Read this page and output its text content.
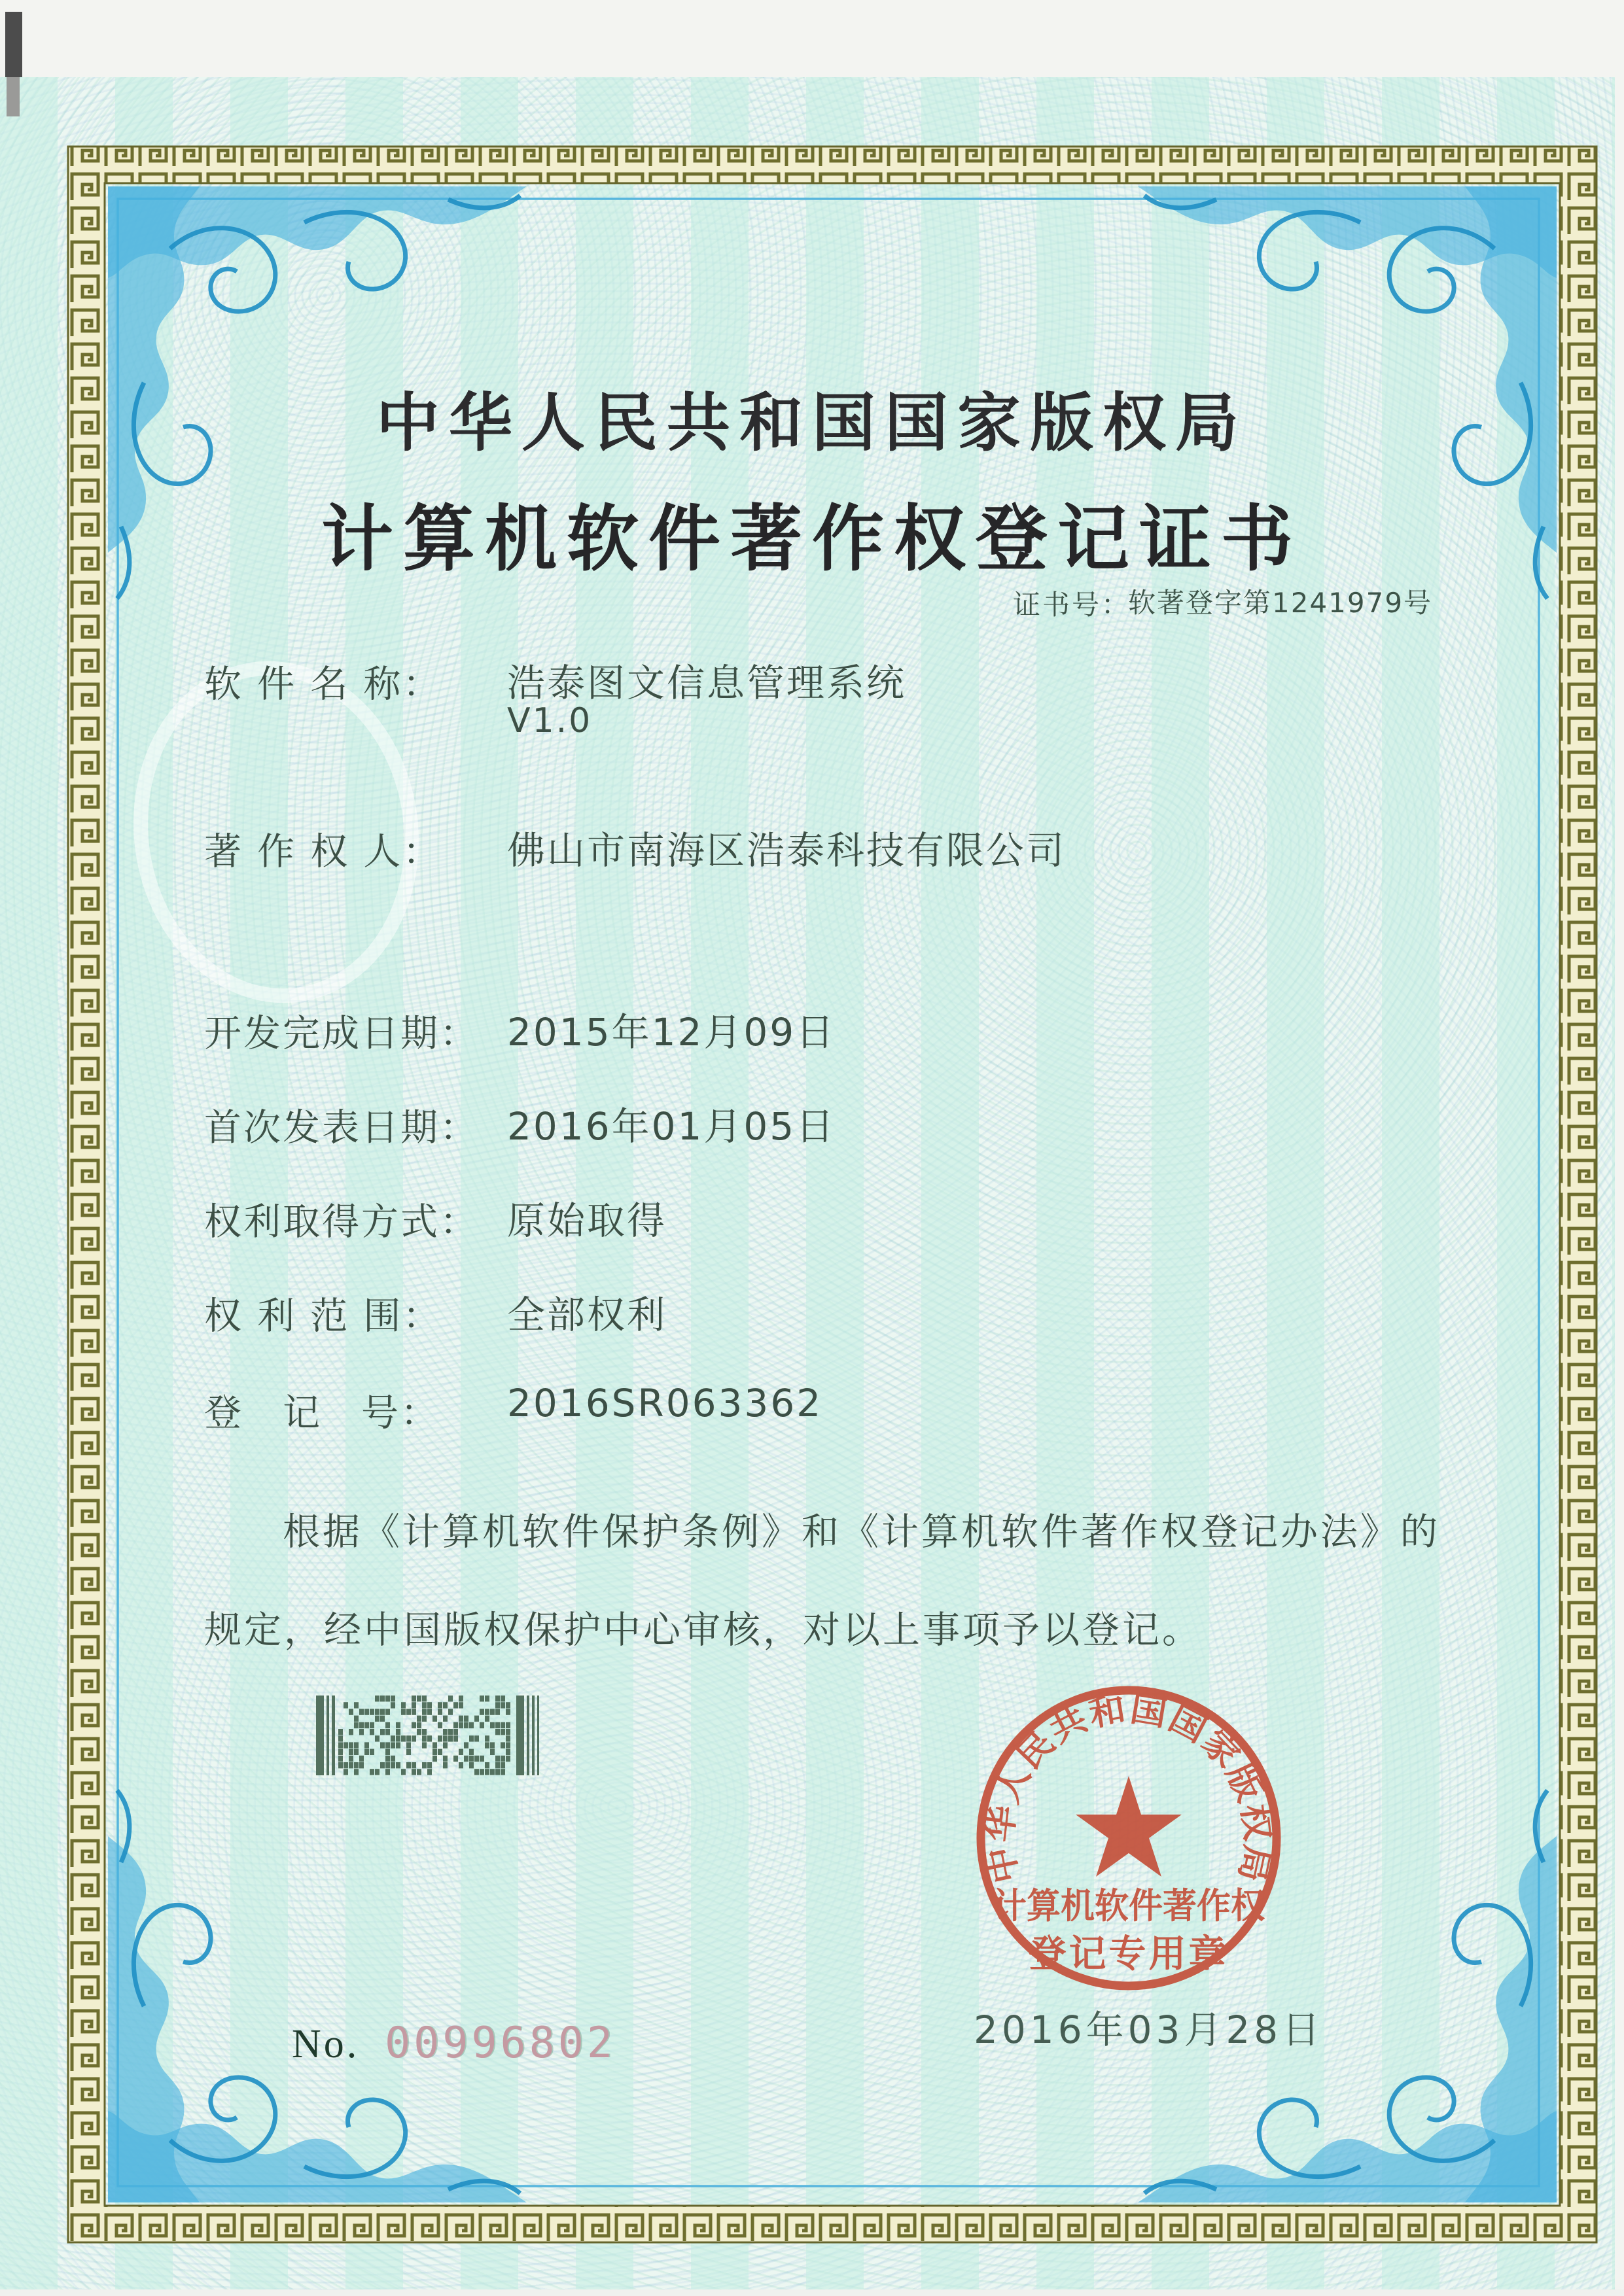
中华人民共和国国家版权局
计算机软件著作权登记证书
证书号：
软著登字第1241979号
软 件 名 称： 浩泰图文信息管理系统
V1.0
著 作 权 人： 佛山市南海区浩泰科技有限公司
开发完成日期： 2015年12月09日
首次发表日期： 2016年01月05日
权利取得方式： 原始取得
权 利 范 围： 全部权利
登　记　号： 2016SR063362
根据《计算机软件保护条例》和《计算机软件著作权登记办法》的
规定，经中国版权保护中心审核，对以上事项予以登记。
中华人民共和国国家版权局
计算机软件著作权
登记专用章
2016年03月28日
No. 00996802
